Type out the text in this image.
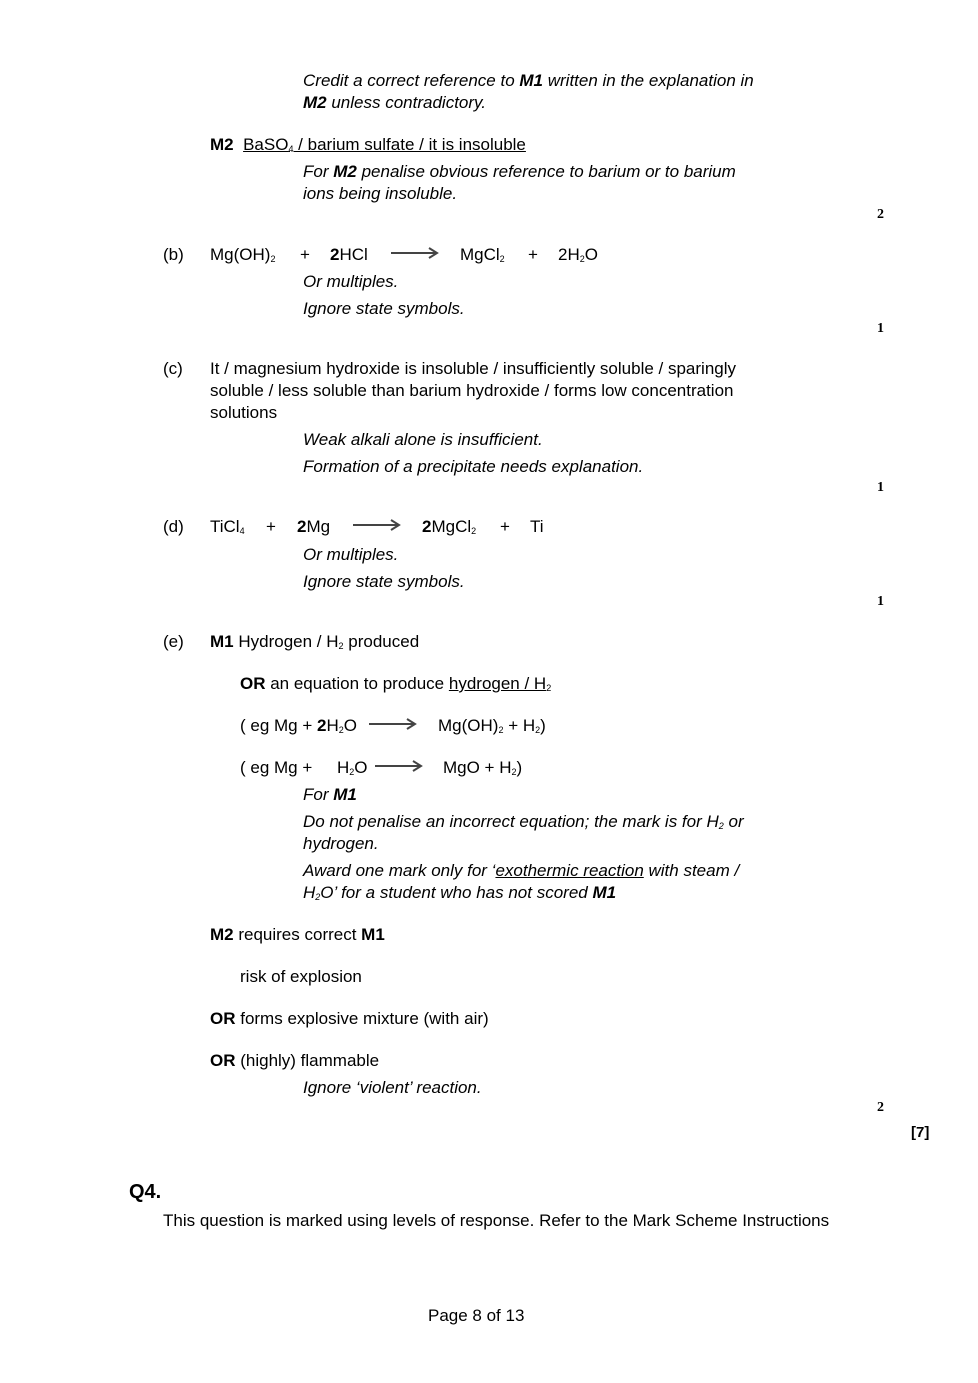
Credit a correct reference to M1 written in the explanation in
M2 unless contradictory.
M2 BaSO$_4$ / barium sulfate / it is insoluble
For M2 penalise obvious reference to barium or to barium
ions being insoluble.
2
(b) $Mg(OH)_2 + 2HCl$	MgCl$_2$ + $2H_2O$
Or multiples.
Ignore state symbols.
1
(c) It / magnesium hydroxide is insoluble / insufficiently soluble / sparingly
soluble / less soluble than barium hydroxide / forms low concentration
solutions
Weak alkali alone is insufficient.
Formation of a precipitate needs explanation.
1
(d) TiCl$_4$ + 2Mg	2MgCl$_2$ + Ti
Or multiples.
Ignore state symbols.
1
(e) M1 Hydrogen / $H_2$ produced
OR an equation to produce hydrogen / $H_2$
( eg $Mg + 2H_2O$	$Mg(OH)_2 + H_2$)
( eg $Mg + H_2O$	MgO + $H_2$)
For M1
Do not penalise an incorrect equation; the mark is for $H_2$ or
hydrogen.
Award one mark only for ‘exothermic reaction with steam /
$H_2O$’ for a student who has not scored M1
M2 requires correct M1
risk of explosion
OR forms explosive mixture (with air)
OR (highly) flammable
Ignore ‘violent’ reaction.
2
[7]
Q4.
This question is marked using levels of response. Refer to the Mark Scheme Instructions
Page 8 of 13
